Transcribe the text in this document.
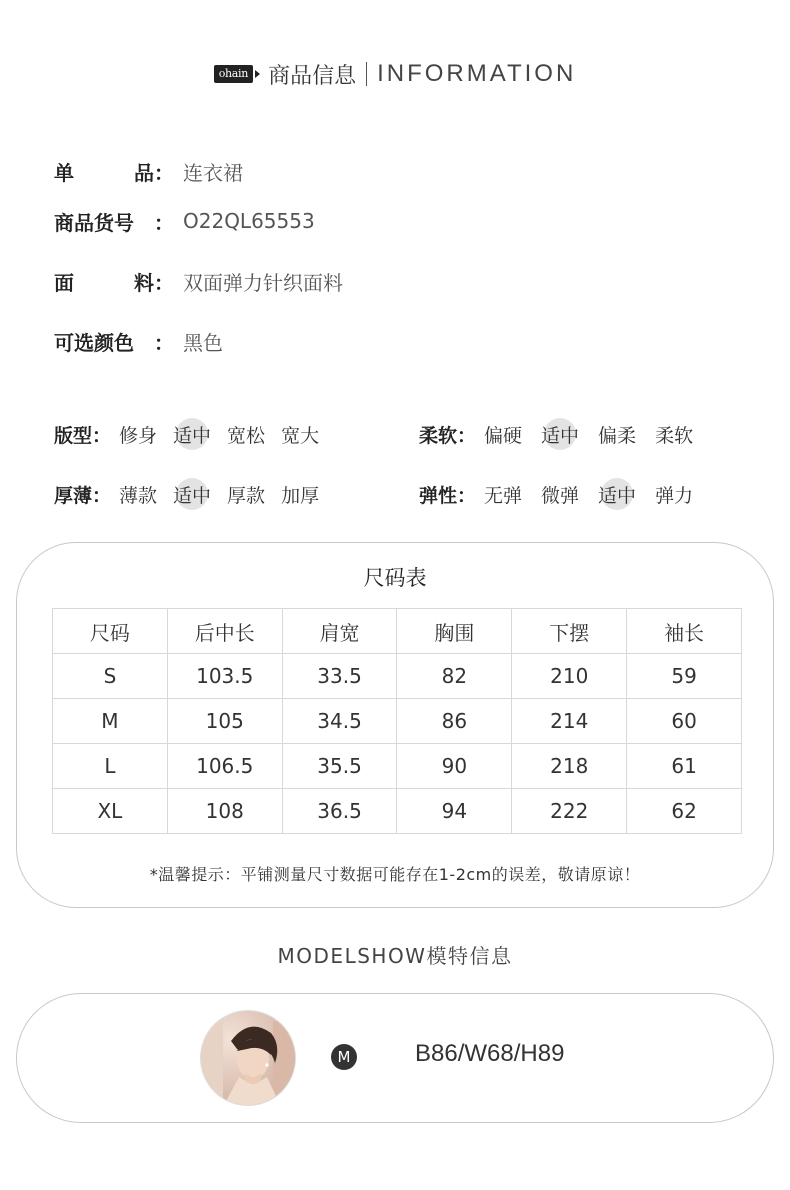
ohain 商品信息 INFORMATION
单	品 ： 连衣裙
商品货号 ： O22QL65553
面	料 ： 双面弹力针织面料
可选颜色 ： 黑色
版型： 修身 适中 宽松 宽大	柔软： 偏硬 适中 偏柔 柔软
厚薄： 薄款 适中 厚款 加厚	弹性： 无弹 微弹 适中 弹力
尺码表
尺码	后中长	肩宽	胸围	下摆	袖长
S	103.5	33.5	82	210	59
M	105	34.5	86	214	60
L	106.5	35.5	90	218	61
XL	108	36.5	94	222	62
*温馨提示：平铺测量尺寸数据可能存在1-2cm的误差，敬请原谅！
MODELSHOW模特信息
M	B86/W68/H89
